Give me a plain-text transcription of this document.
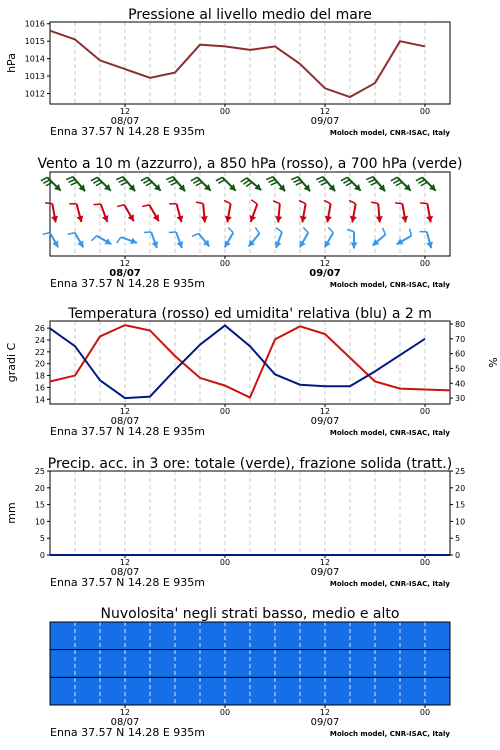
12	00	12	00
08/07	09/07
Enna 37.57 N 14.28 E 935m	Moloch model, CNR-ISAC, Italy
Pressione al livello medio del mare
1012
1013
1014
1015
1016
hPa
12	00	12	00
08/07	09/07
Enna 37.57 N 14.28 E 935m	Moloch model, CNR-ISAC, Italy
Vento a 10 m (azzurro), a 850 hPa (rosso), a 700 hPa (verde)
12	00	12	00
08/07	09/07
Enna 37.57 N 14.28 E 935m	Moloch model, CNR-ISAC, Italy
Temperatura (rosso) ed umidita' relativa (blu) a 2 m
14
16
18
20
22
24
26
30
40
50
60
70
80
gradi C	%
12	00	12	00
08/07	09/07
Enna 37.57 N 14.28 E 935m	Moloch model, CNR-ISAC, Italy
Precip. acc. in 3 ore: totale (verde), frazione solida (tratt.)
0	0
5	5
10	10
15	15
20	20
25	25
mm
Nuvolosita' negli strati basso, medio e alto
12	00	12	00
08/07	09/07
Enna 37.57 N 14.28 E 935m	Moloch model, CNR-ISAC, Italy
